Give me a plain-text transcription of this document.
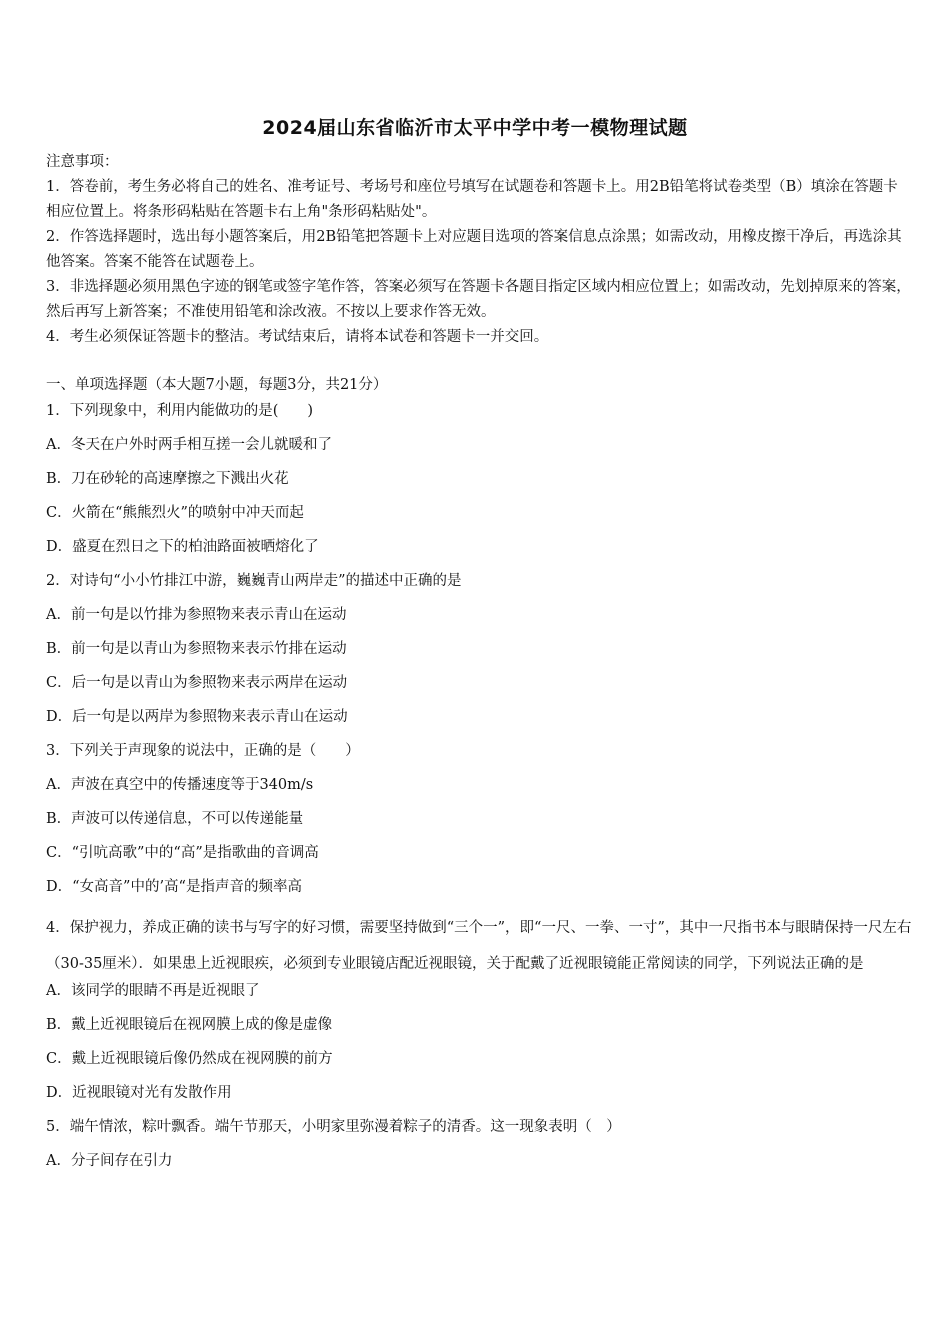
2024届山东省临沂市太平中学中考一模物理试题

注意事项：

1．答卷前，考生务必将自己的姓名、准考证号、考场号和座位号填写在试题卷和答题卡上。用2B铅笔将试卷类型（B）填涂在答题卡相应位置上。将条形码粘贴在答题卡右上角"条形码粘贴处"。

2．作答选择题时，选出每小题答案后，用2B铅笔把答题卡上对应题目选项的答案信息点涂黑；如需改动，用橡皮擦干净后，再选涂其他答案。答案不能答在试题卷上。

3．非选择题必须用黑色字迹的钢笔或签字笔作答，答案必须写在答题卡各题目指定区域内相应位置上；如需改动，先划掉原来的答案，然后再写上新答案；不准使用铅笔和涂改液。不按以上要求作答无效。

4．考生必须保证答题卡的整洁。考试结束后，请将本试卷和答题卡一并交回。

一、单项选择题（本大题7小题，每题3分，共21分）
1．下列现象中，利用内能做功的是(　　)
A．冬天在户外时两手相互搓一会儿就暖和了
B．刀在砂轮的高速摩擦之下溅出火花
C．火箭在“熊熊烈火”的喷射中冲天而起
D．盛夏在烈日之下的柏油路面被晒熔化了
2．对诗句“小小竹排江中游，巍巍青山两岸走”的描述中正确的是
A．前一句是以竹排为参照物来表示青山在运动
B．前一句是以青山为参照物来表示竹排在运动
C．后一句是以青山为参照物来表示两岸在运动
D．后一句是以两岸为参照物来表示青山在运动
3．下列关于声现象的说法中，正确的是（　　）
A．声波在真空中的传播速度等于340m/s
B．声波可以传递信息，不可以传递能量
C．“引吭高歌”中的“高”是指歌曲的音调高
D．“女高音”中的’高“是指声音的频率高

4．保护视力，养成正确的读书与写字的好习惯，需要坚持做到“三个一”，即“一尺、一拳、一寸”，其中一尺指书本与眼睛保持一尺左右（30-35厘米）．如果患上近视眼疾，必须到专业眼镜店配近视眼镜，关于配戴了近视眼镜能正常阅读的同学，下列说法正确的是

A．该同学的眼睛不再是近视眼了
B．戴上近视眼镜后在视网膜上成的像是虚像
C．戴上近视眼镜后像仍然成在视网膜的前方
D．近视眼镜对光有发散作用
5．端午情浓，粽叶飘香。端午节那天，小明家里弥漫着粽子的清香。这一现象表明（　）
A．分子间存在引力
